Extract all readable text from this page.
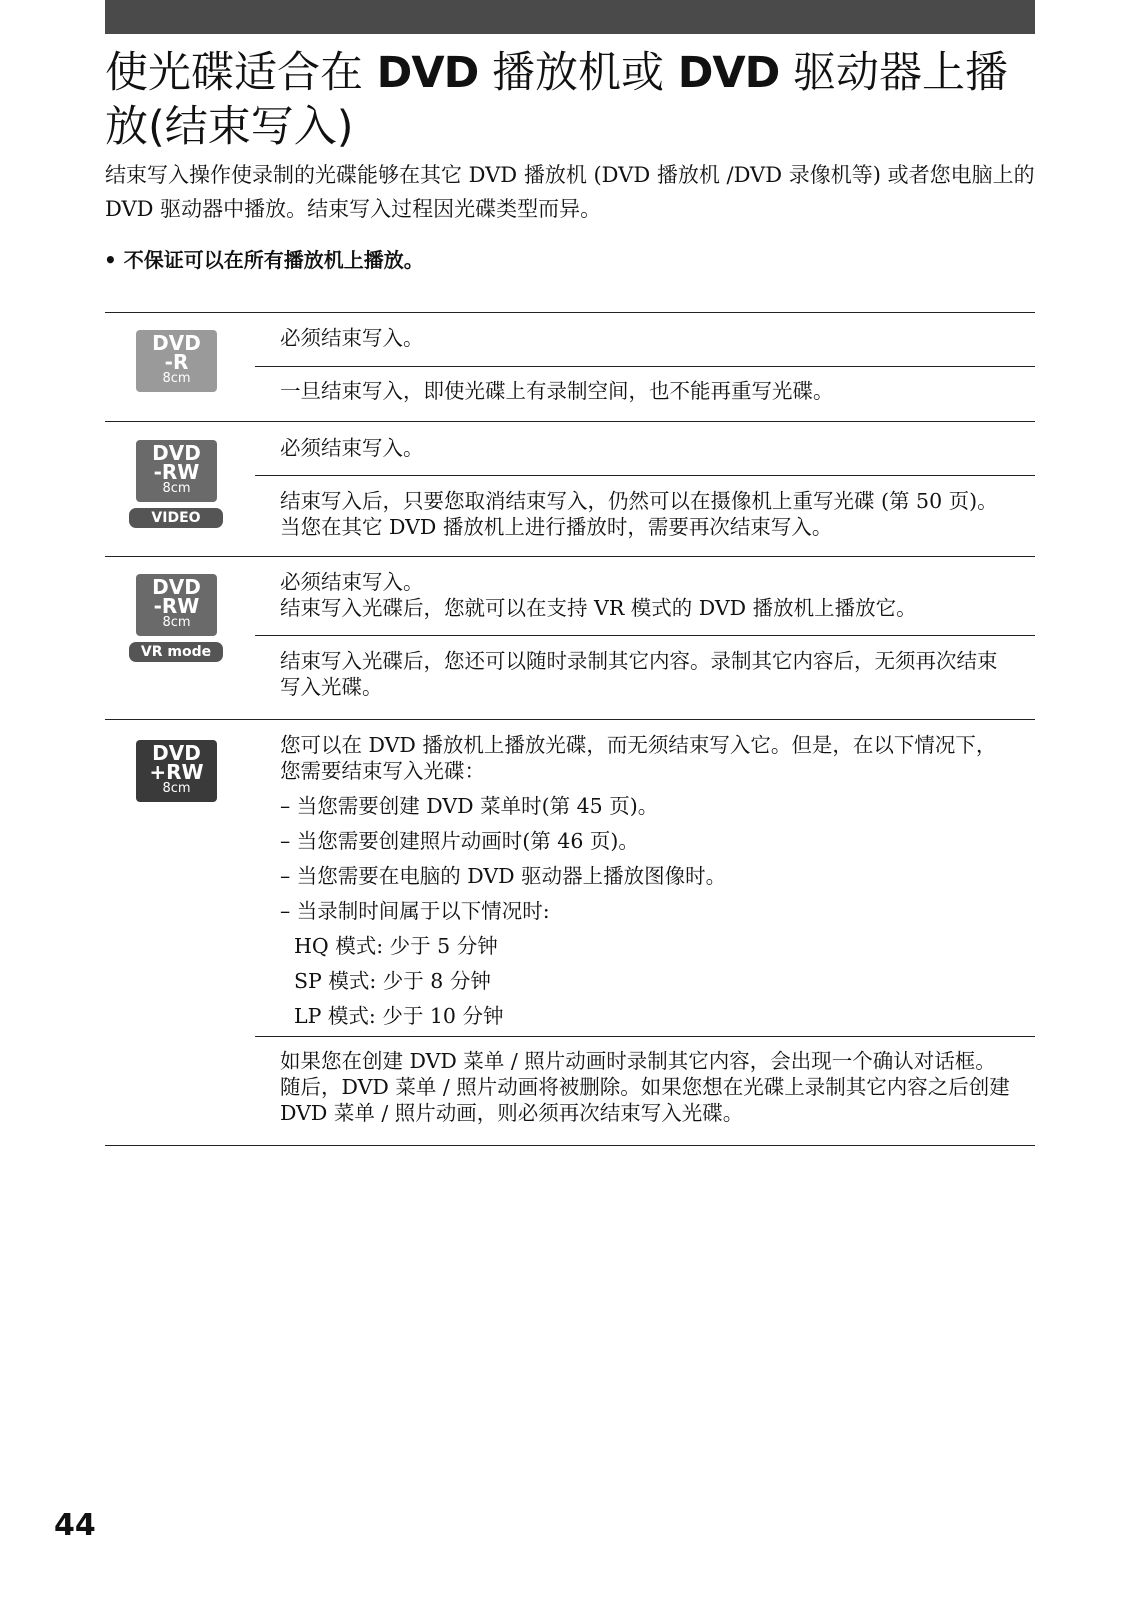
使光碟适合在 DVD 播放机或 DVD 驱动器上播放(结束写入)

结束写入操作使录制的光碟能够在其它 DVD 播放机 (DVD 播放机 /DVD 录像机等) 或者您电脑上的 DVD 驱动器中播放。结束写入过程因光碟类型而异。

• 不保证可以在所有播放机上播放。
DVD
-R
8cm

必须结束写入。

一旦结束写入，即使光碟上有录制空间，也不能再重写光碟。

DVD
-RW
8cm
VIDEO mode

必须结束写入。

结束写入后，只要您取消结束写入，仍然可以在摄像机上重写光碟 (第 50 页)。当您在其它 DVD 播放机上进行播放时，需要再次结束写入。

DVD
-RW
8cm
VR mode

必须结束写入。

结束写入光碟后，您就可以在支持 VR 模式的 DVD 播放机上播放它。

结束写入光碟后，您还可以随时录制其它内容。录制其它内容后，无须再次结束写入光碟。

DVD
+RW
8cm

您可以在 DVD 播放机上播放光碟，而无须结束写入它。但是，在以下情况下，您需要结束写入光碟：

– 当您需要创建 DVD 菜单时(第 45 页)。

– 当您需要创建照片动画时(第 46 页)。

– 当您需要在电脑的 DVD 驱动器上播放图像时。

– 当录制时间属于以下情况时:

HQ 模式: 少于 5 分钟

SP 模式: 少于 8 分钟

LP 模式: 少于 10 分钟

如果您在创建 DVD 菜单 / 照片动画时录制其它内容，会出现一个确认对话框。随后，DVD 菜单 / 照片动画将被删除。如果您想在光碟上录制其它内容之后创建 DVD 菜单 / 照片动画，则必须再次结束写入光碟。

44
